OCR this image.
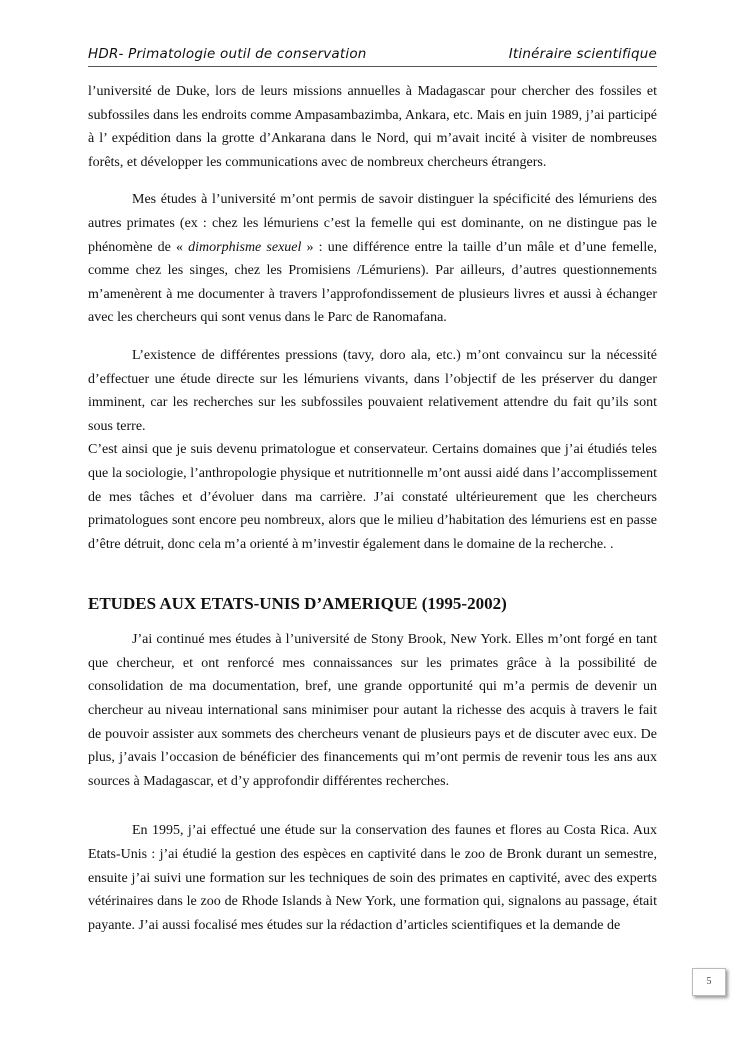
HDR- Primatologie outil de conservation	Itinéraire scientifique

l’université de Duke, lors de leurs missions annuelles à Madagascar pour chercher des fossiles et subfossiles dans les endroits comme Ampasambazimba, Ankara, etc. Mais en juin 1989, j’ai participé à l’ expédition dans la grotte d’Ankarana dans le Nord, qui m’avait incité à visiter de nombreuses forêts, et développer les communications avec de nombreux chercheurs étrangers.

Mes études à l’université m’ont permis de savoir distinguer la spécificité des lémuriens des autres primates (ex : chez les lémuriens c’est la femelle qui est dominante, on ne distingue pas le phénomène de « dimorphisme sexuel » : une différence entre la taille d’un mâle et d’une femelle, comme chez les singes, chez les Promisiens /Lémuriens). Par ailleurs, d’autres questionnements m’amenèrent à me documenter à travers l’approfondissement de plusieurs livres et aussi à échanger avec les chercheurs qui sont venus dans le Parc de Ranomafana.

L’existence de différentes pressions (tavy, doro ala, etc.) m’ont convaincu sur la nécessité d’effectuer une étude directe sur les lémuriens vivants, dans l’objectif de les préserver du danger imminent, car les recherches sur les subfossiles pouvaient relativement attendre du fait qu’ils sont sous terre.

C’est ainsi que je suis devenu primatologue et conservateur. Certains domaines que j’ai étudiés teles que la sociologie, l’anthropologie physique et nutritionnelle m’ont aussi aidé dans l’accomplissement de mes tâches et d’évoluer dans ma carrière. J’ai constaté ultérieurement que les chercheurs primatologues sont encore peu nombreux, alors que le milieu d’habitation des lémuriens est en passe d’être détruit, donc cela m’a orienté à m’investir également dans le domaine de la recherche. .

ETUDES AUX ETATS-UNIS D’AMERIQUE (1995-2002)

J’ai continué mes études à l’université de Stony Brook, New York. Elles m’ont forgé en tant que chercheur, et ont renforcé mes connaissances sur les primates grâce à la possibilité de consolidation de ma documentation, bref, une grande opportunité qui m’a permis de devenir un chercheur au niveau international sans minimiser pour autant la richesse des acquis à travers le fait de pouvoir assister aux sommets des chercheurs venant de plusieurs pays et de discuter avec eux. De plus, j’avais l’occasion de bénéficier des financements qui m’ont permis de revenir tous les ans aux sources à Madagascar, et d’y approfondir différentes recherches.

En 1995, j’ai effectué une étude sur la conservation des faunes et flores au Costa Rica. Aux Etats-Unis : j’ai étudié la gestion des espèces en captivité dans le zoo de Bronk durant un semestre, ensuite j’ai suivi une formation sur les techniques de soin des primates en captivité, avec des experts vétérinaires dans le zoo de Rhode Islands à New York, une formation qui, signalons au passage, était payante. J’ai aussi focalisé mes études sur la rédaction d’articles scientifiques et la demande de

5
